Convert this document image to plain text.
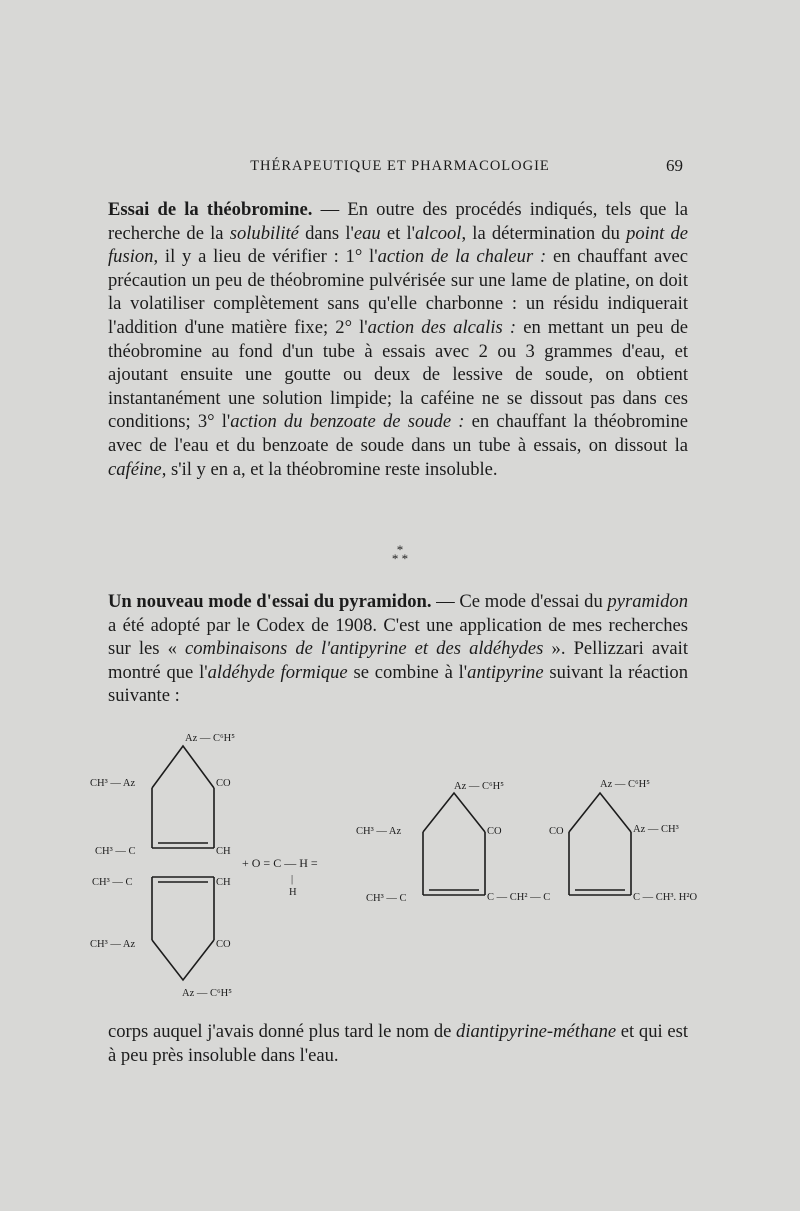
THÉRAPEUTIQUE ET PHARMACOLOGIE	69

Essai de la théobromine. — En outre des procédés indiqués, tels que la recherche de la solubilité dans l'eau et l'alcool, la détermination du point de fusion, il y a lieu de vérifier : 1° l'action de la chaleur : en chauffant avec précaution un peu de théobromine pulvérisée sur une lame de platine, on doit la volatiliser complètement sans qu'elle charbonne : un résidu indiquerait l'addition d'une matière fixe; 2° l'action des alcalis : en mettant un peu de théobromine au fond d'un tube à essais avec 2 ou 3 grammes d'eau, et ajoutant ensuite une goutte ou deux de lessive de soude, on obtient instantanément une solution limpide; la caféine ne se dissout pas dans ces conditions; 3° l'action du benzoate de soude : en chauffant la théobromine avec de l'eau et du benzoate de soude dans un tube à essais, on dissout la caféine, s'il y en a, et la théobromine reste insoluble.

*
* *

Un nouveau mode d'essai du pyramidon. — Ce mode d'essai du pyramidon a été adopté par le Codex de 1908. C'est une application de mes recherches sur les « combinaisons de l'antipyrine et des aldéhydes ». Pellizzari avait montré que l'aldéhyde formique se combine à l'antipyrine suivant la réaction suivante :

Az — C⁶H⁵
CH³ — Az	CO
CH³ — C	CH
CH³ — C	CH
CH³ — Az	CO
Az — C⁶H⁵
+ O = C — H =
|
H
Az — C⁶H⁵	Az — C⁶H⁵
CH³ — Az	CO	CO	Az — CH³
CH³ — C	C — CH² — C	C — CH³. H²O

corps auquel j'avais donné plus tard le nom de diantipyrine-méthane et qui est à peu près insoluble dans l'eau.
